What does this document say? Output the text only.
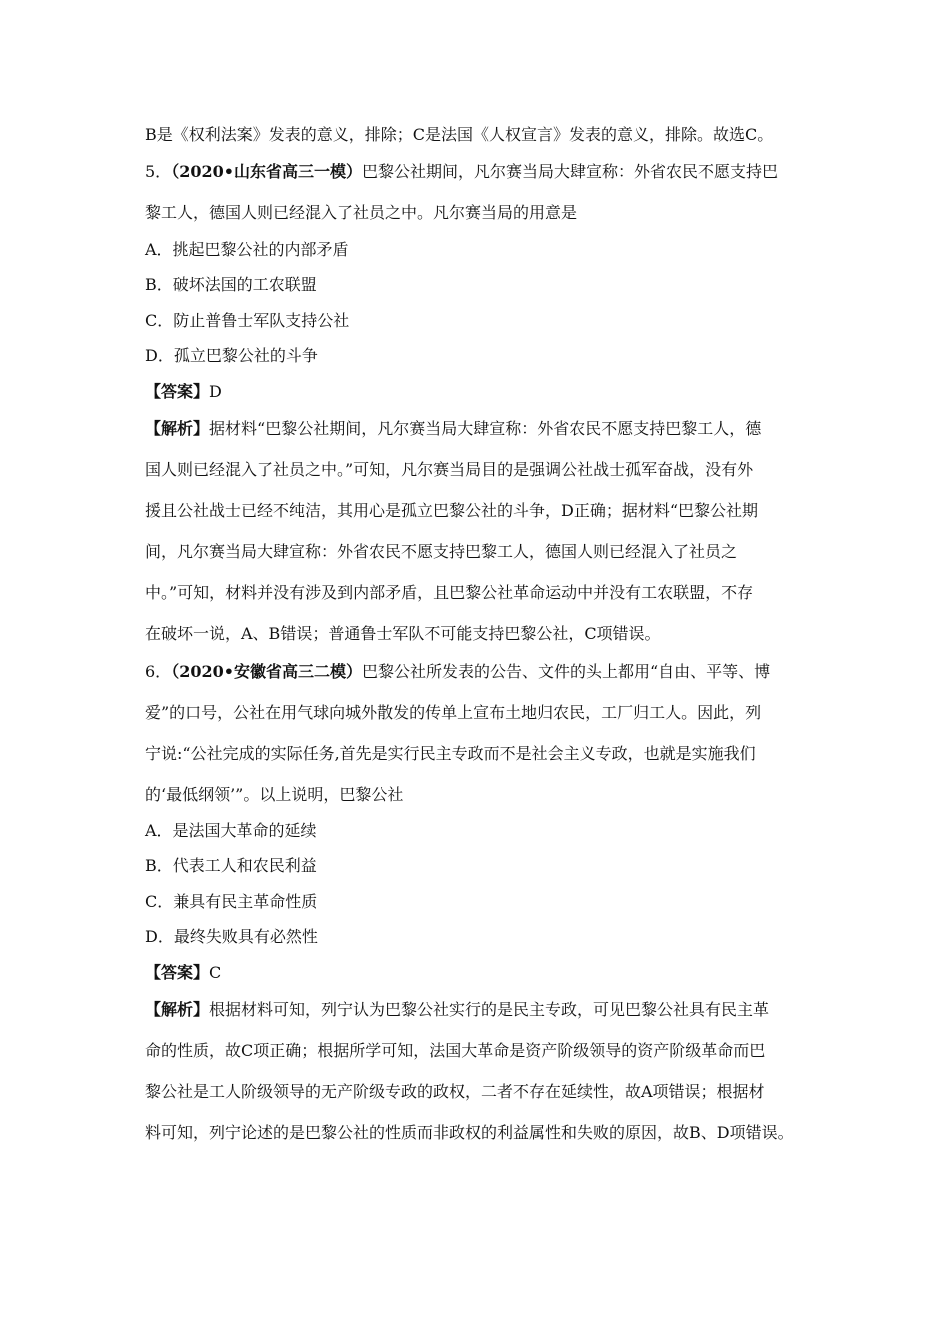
B是《权利法案》发表的意义，排除；C是法国《人权宣言》发表的意义，排除。故选C。
5．（2020•山东省高三一模）巴黎公社期间，凡尔赛当局大肆宣称：外省农民不愿支持巴
黎工人，德国人则已经混入了社员之中。凡尔赛当局的用意是
A．挑起巴黎公社的内部矛盾
B．破坏法国的工农联盟
C．防止普鲁士军队支持公社
D．孤立巴黎公社的斗争
【答案】D
【解析】据材料“巴黎公社期间，凡尔赛当局大肆宣称：外省农民不愿支持巴黎工人，德
国人则已经混入了社员之中。”可知，凡尔赛当局目的是强调公社战士孤军奋战，没有外
援且公社战士已经不纯洁，其用心是孤立巴黎公社的斗争，D正确；据材料“巴黎公社期
间，凡尔赛当局大肆宣称：外省农民不愿支持巴黎工人，德国人则已经混入了社员之
中。”可知，材料并没有涉及到内部矛盾，且巴黎公社革命运动中并没有工农联盟，不存
在破坏一说，A、B错误；普通鲁士军队不可能支持巴黎公社，C项错误。
6．（2020•安徽省高三二模）巴黎公社所发表的公告、文件的头上都用“自由、平等、博
爱”的口号，公社在用气球向城外散发的传单上宣布土地归农民，工厂归工人。因此，列
宁说:“公社完成的实际任务,首先是实行民主专政而不是社会主义专政，也就是实施我们
的‘最低纲领’”。以上说明，巴黎公社
A．是法国大革命的延续
B．代表工人和农民利益
C．兼具有民主革命性质
D．最终失败具有必然性
【答案】C
【解析】根据材料可知，列宁认为巴黎公社实行的是民主专政，可见巴黎公社具有民主革
命的性质，故C项正确；根据所学可知，法国大革命是资产阶级领导的资产阶级革命而巴
黎公社是工人阶级领导的无产阶级专政的政权，二者不存在延续性，故A项错误；根据材
料可知，列宁论述的是巴黎公社的性质而非政权的利益属性和失败的原因，故B、D项错误。
